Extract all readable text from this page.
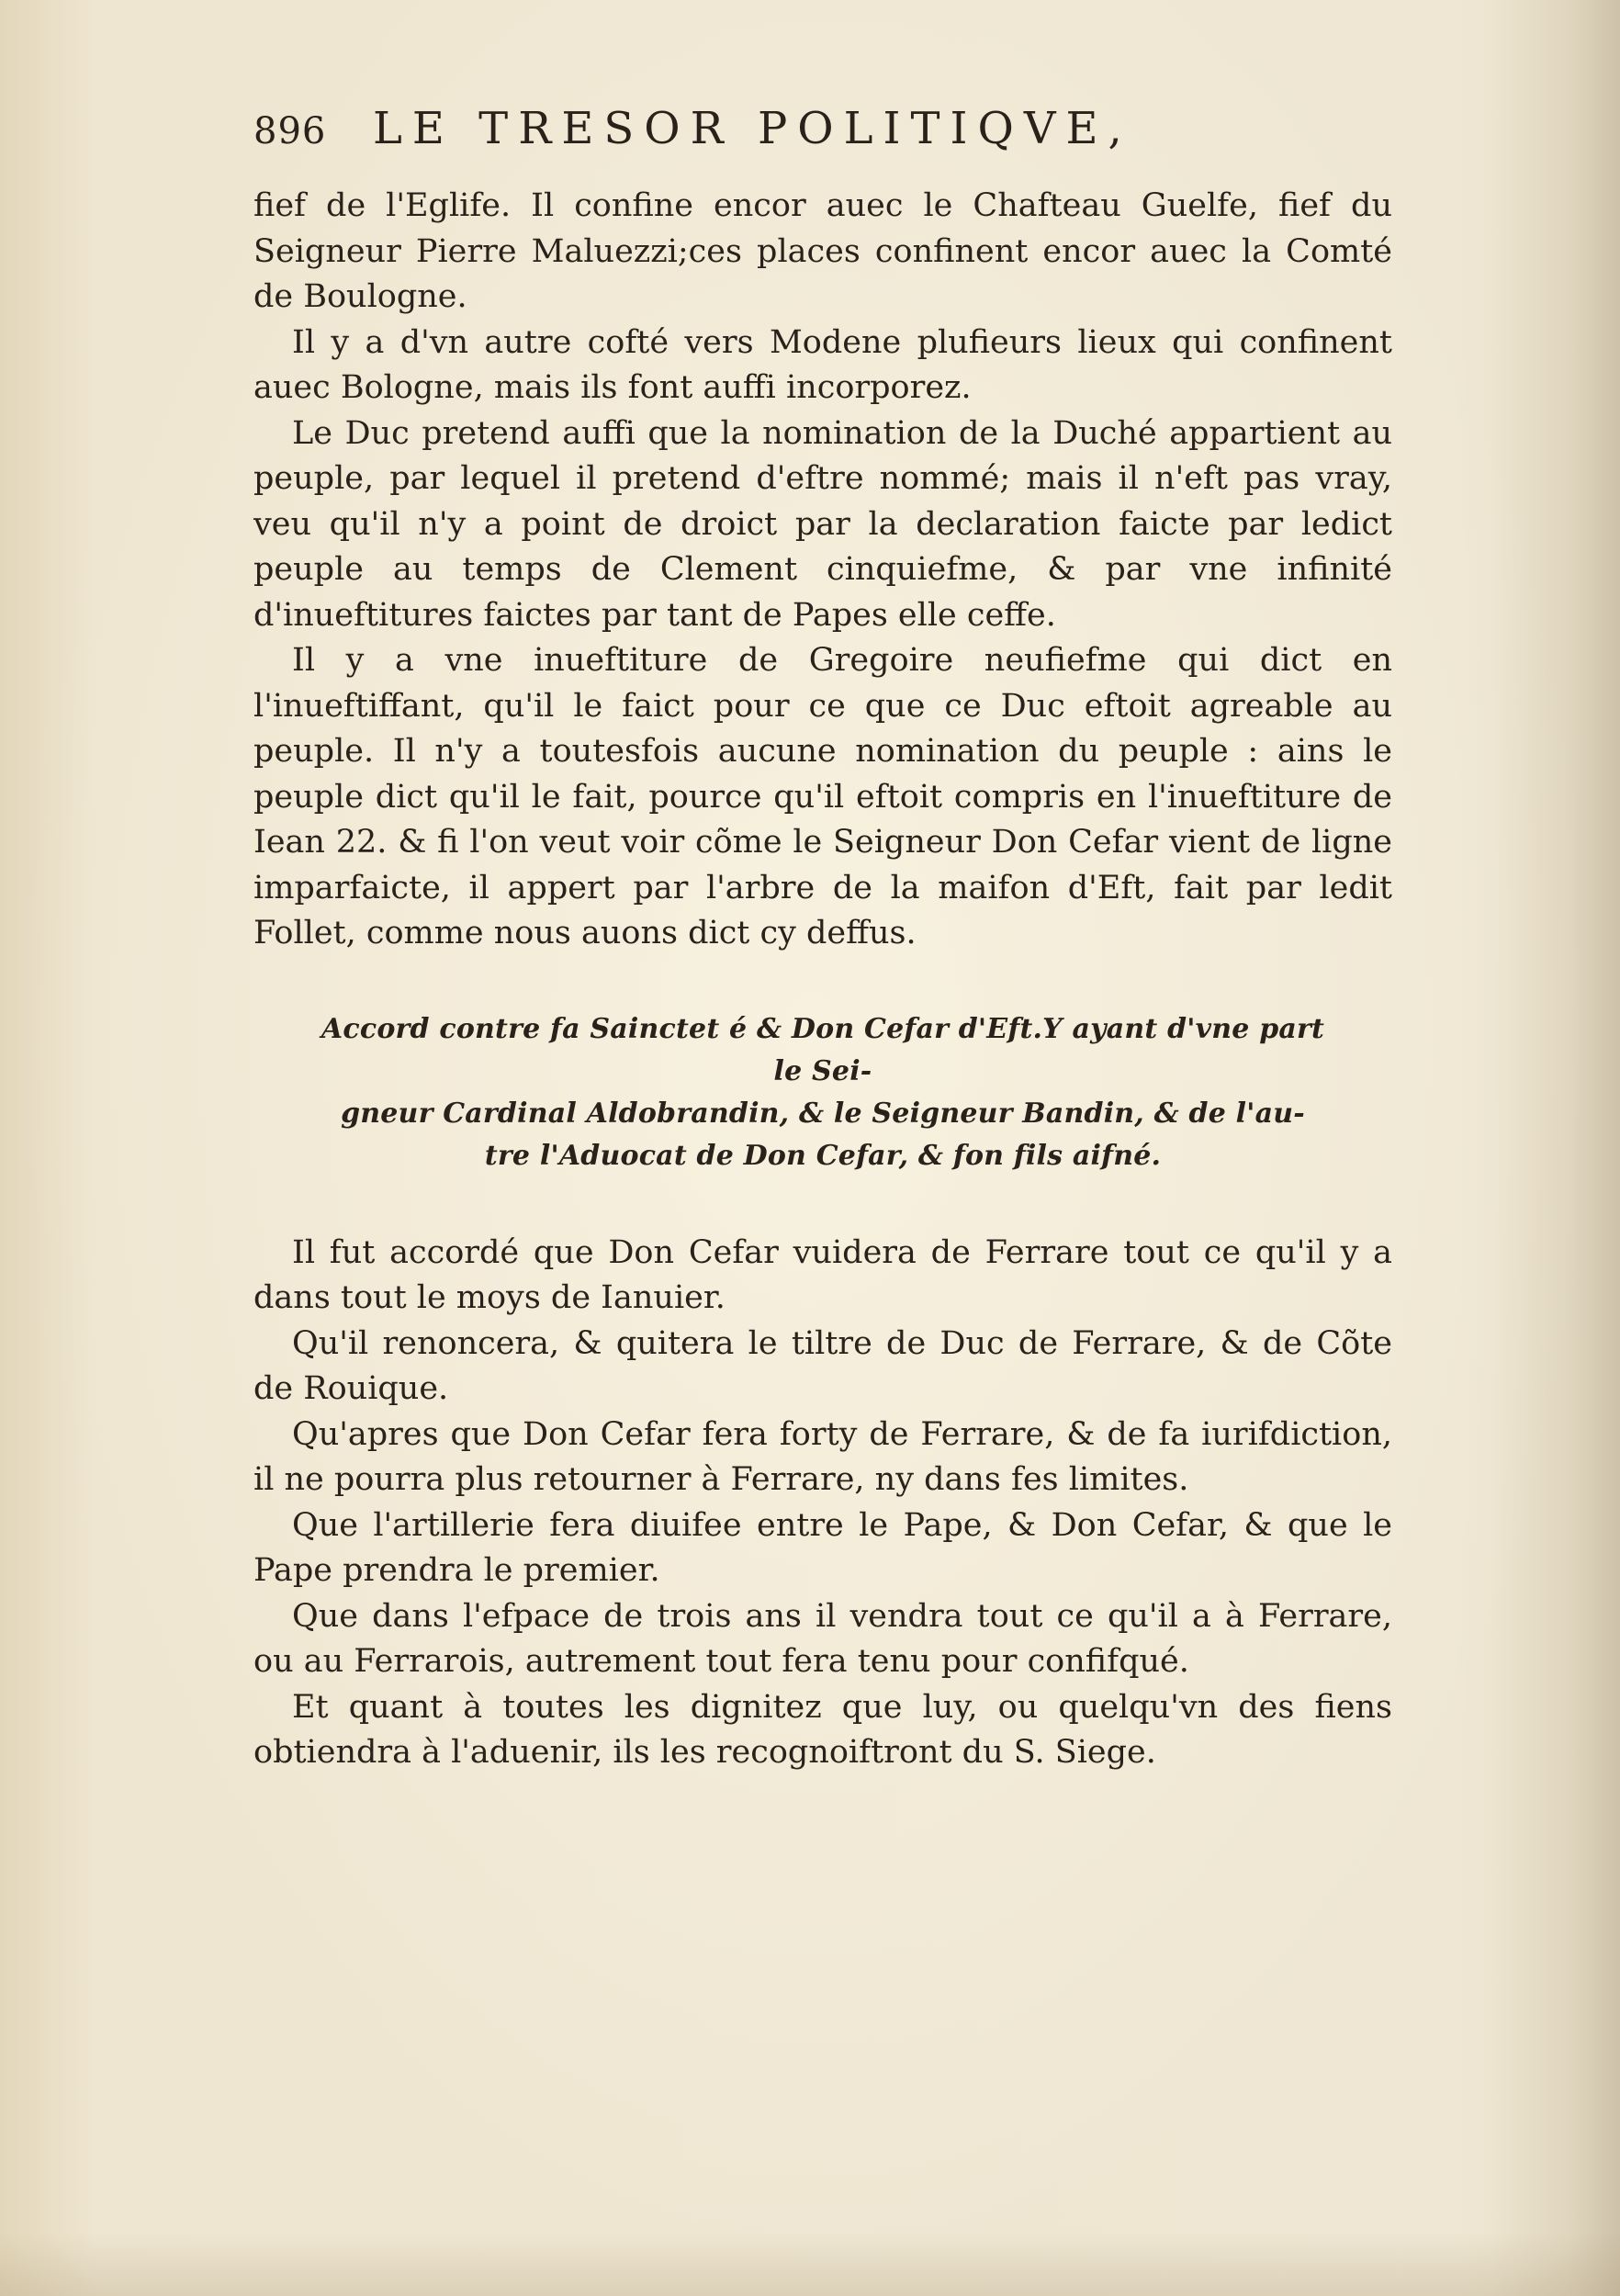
896	LE TRESOR POLITIQVE,

fief de l'Eglife. Il confine encor auec le Chafteau Guelfe, fief du Seigneur Pierre Maluezzi;ces places confinent encor auec la Comté de Boulogne.

Il y a d'vn autre cofté vers Modene plufieurs lieux qui confinent auec Bologne, mais ils font auffi incorporez.

Le Duc pretend auffi que la nomination de la Duché appartient au peuple, par lequel il pretend d'eftre nommé; mais il n'eft pas vray, veu qu'il n'y a point de droict par la declaration faicte par ledict peuple au temps de Clement cinquiefme, & par vne infinité d'inueftitures faictes par tant de Papes elle ceffe.

Il y a vne inueftiture de Gregoire neufiefme qui dict en l'inueftiffant, qu'il le faict pour ce que ce Duc eftoit agreable au peuple. Il n'y a toutesfois aucune nomination du peuple : ains le peuple dict qu'il le fait, pource qu'il eftoit compris en l'inueftiture de Iean 22. & fi l'on veut voir cõme le Seigneur Don Cefar vient de ligne imparfaicte, il appert par l'arbre de la maifon d'Eft, fait par ledit Follet, comme nous auons dict cy deffus.

Accord contre fa Sainctet é & Don Cefar d'Eft.Y ayant d'vne part le Sei-
gneur Cardinal Aldobrandin, & le Seigneur Bandin, & de l'au-
tre l'Aduocat de Don Cefar, & fon fils aifné.

Il fut accordé que Don Cefar vuidera de Ferrare tout ce qu'il y a dans tout le moys de Ianuier.

Qu'il renoncera, & quitera le tiltre de Duc de Ferrare, & de Cõte de Rouique.

Qu'apres que Don Cefar fera forty de Ferrare, & de fa iurifdiction, il ne pourra plus retourner à Ferrare, ny dans fes limites.

Que l'artillerie fera diuifee entre le Pape, & Don Cefar, & que le Pape prendra le premier.

Que dans l'efpace de trois ans il vendra tout ce qu'il a à Ferrare, ou au Ferrarois, autrement tout fera tenu pour confifqué.

Et quant à toutes les dignitez que luy, ou quelqu'vn des fiens obtiendra à l'aduenir, ils les recognoiftront du S. Siege.
